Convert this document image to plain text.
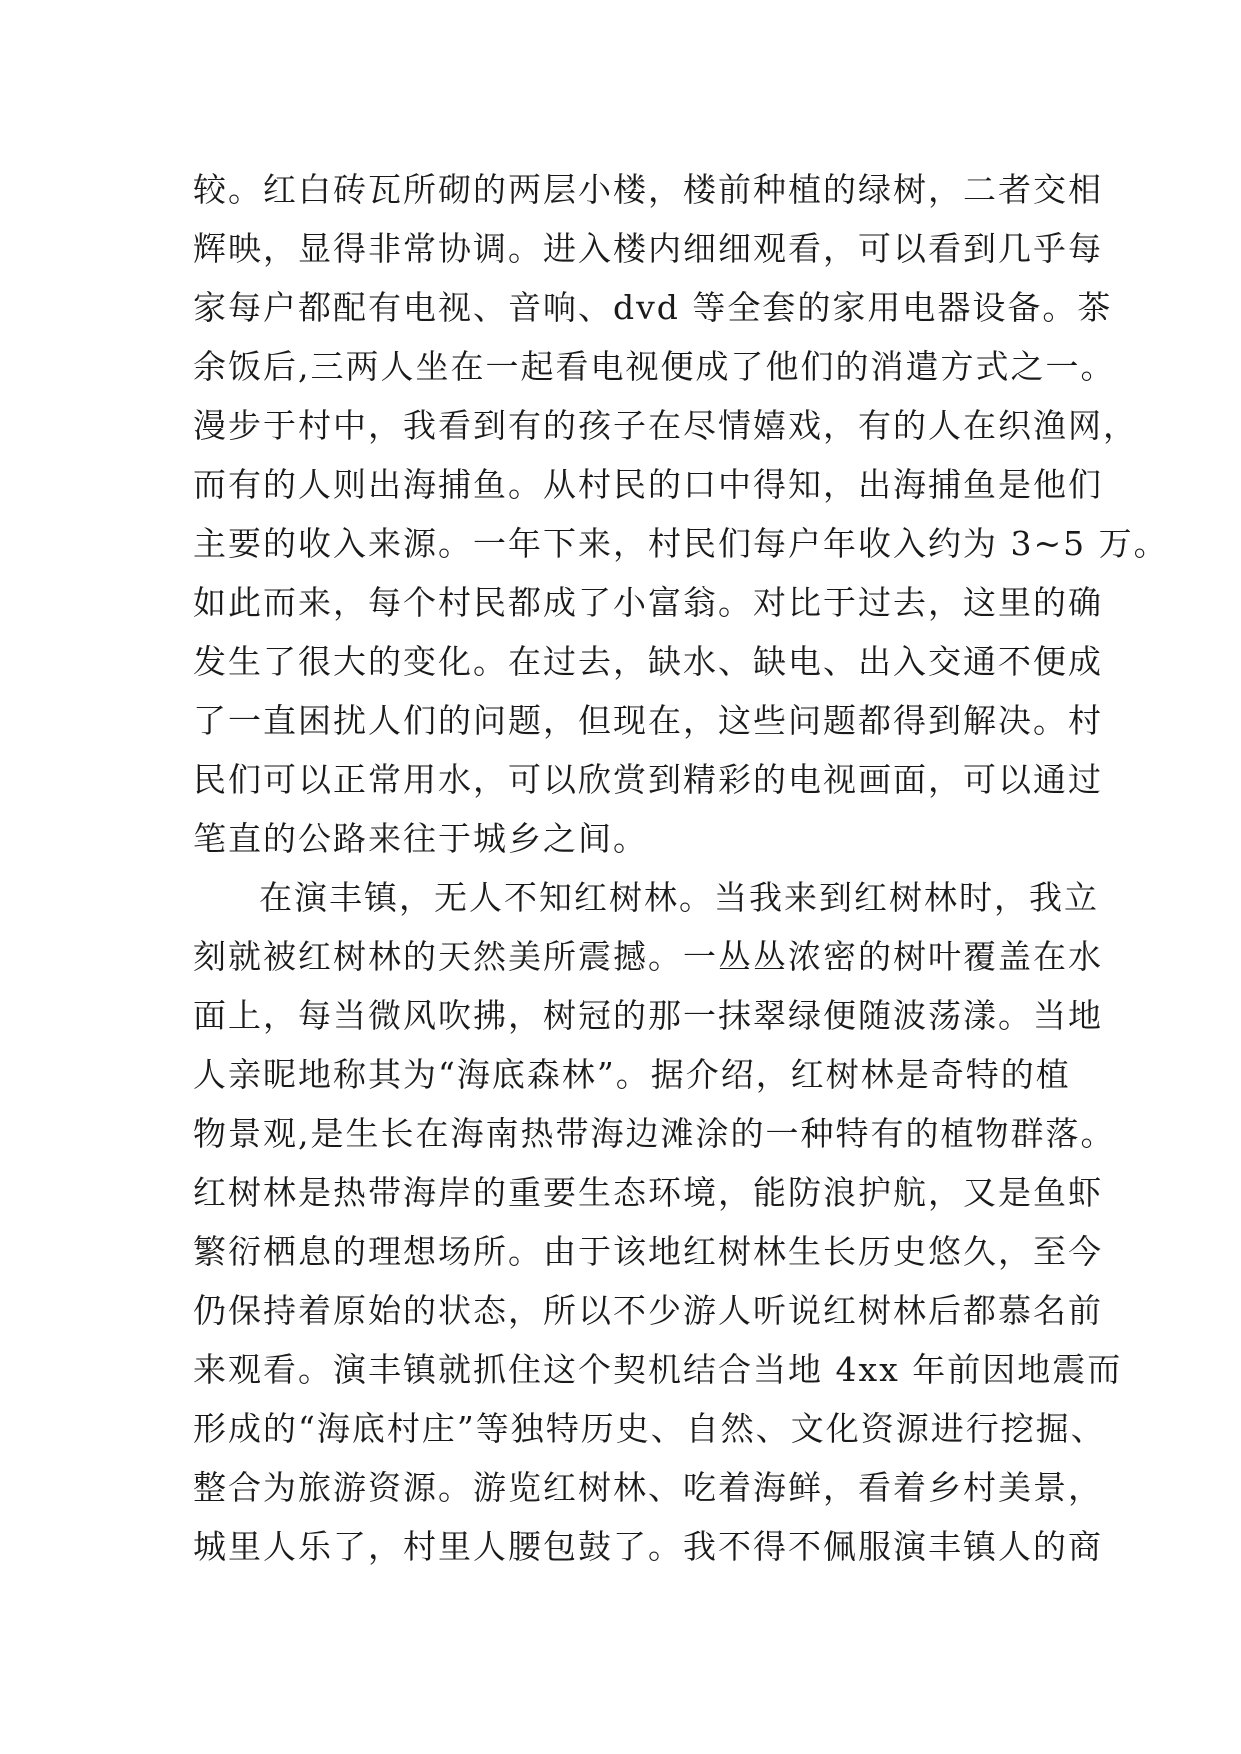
较。红白砖瓦所砌的两层小楼，楼前种植的绿树，二者交相
辉映，显得非常协调。进入楼内细细观看，可以看到几乎每
家每户都配有电视、音响、dvd 等全套的家用电器设备。茶
余饭后,三两人坐在一起看电视便成了他们的消遣方式之一。
漫步于村中，我看到有的孩子在尽情嬉戏，有的人在织渔网，
而有的人则出海捕鱼。从村民的口中得知，出海捕鱼是他们
主要的收入来源。一年下来，村民们每户年收入约为 3~5 万。
如此而来，每个村民都成了小富翁。对比于过去，这里的确
发生了很大的变化。在过去，缺水、缺电、出入交通不便成
了一直困扰人们的问题，但现在，这些问题都得到解决。村
民们可以正常用水，可以欣赏到精彩的电视画面，可以通过
笔直的公路来往于城乡之间。

在演丰镇，无人不知红树林。当我来到红树林时，我立
刻就被红树林的天然美所震撼。一丛丛浓密的树叶覆盖在水
面上，每当微风吹拂，树冠的那一抹翠绿便随波荡漾。当地
人亲昵地称其为“海底森林”。据介绍，红树林是奇特的植
物景观,是生长在海南热带海边滩涂的一种特有的植物群落。
红树林是热带海岸的重要生态环境，能防浪护航，又是鱼虾
繁衍栖息的理想场所。由于该地红树林生长历史悠久，至今
仍保持着原始的状态，所以不少游人听说红树林后都慕名前
来观看。演丰镇就抓住这个契机结合当地 4xx 年前因地震而
形成的“海底村庄”等独特历史、自然、文化资源进行挖掘、
整合为旅游资源。游览红树林、吃着海鲜，看着乡村美景，
城里人乐了，村里人腰包鼓了。我不得不佩服演丰镇人的商
